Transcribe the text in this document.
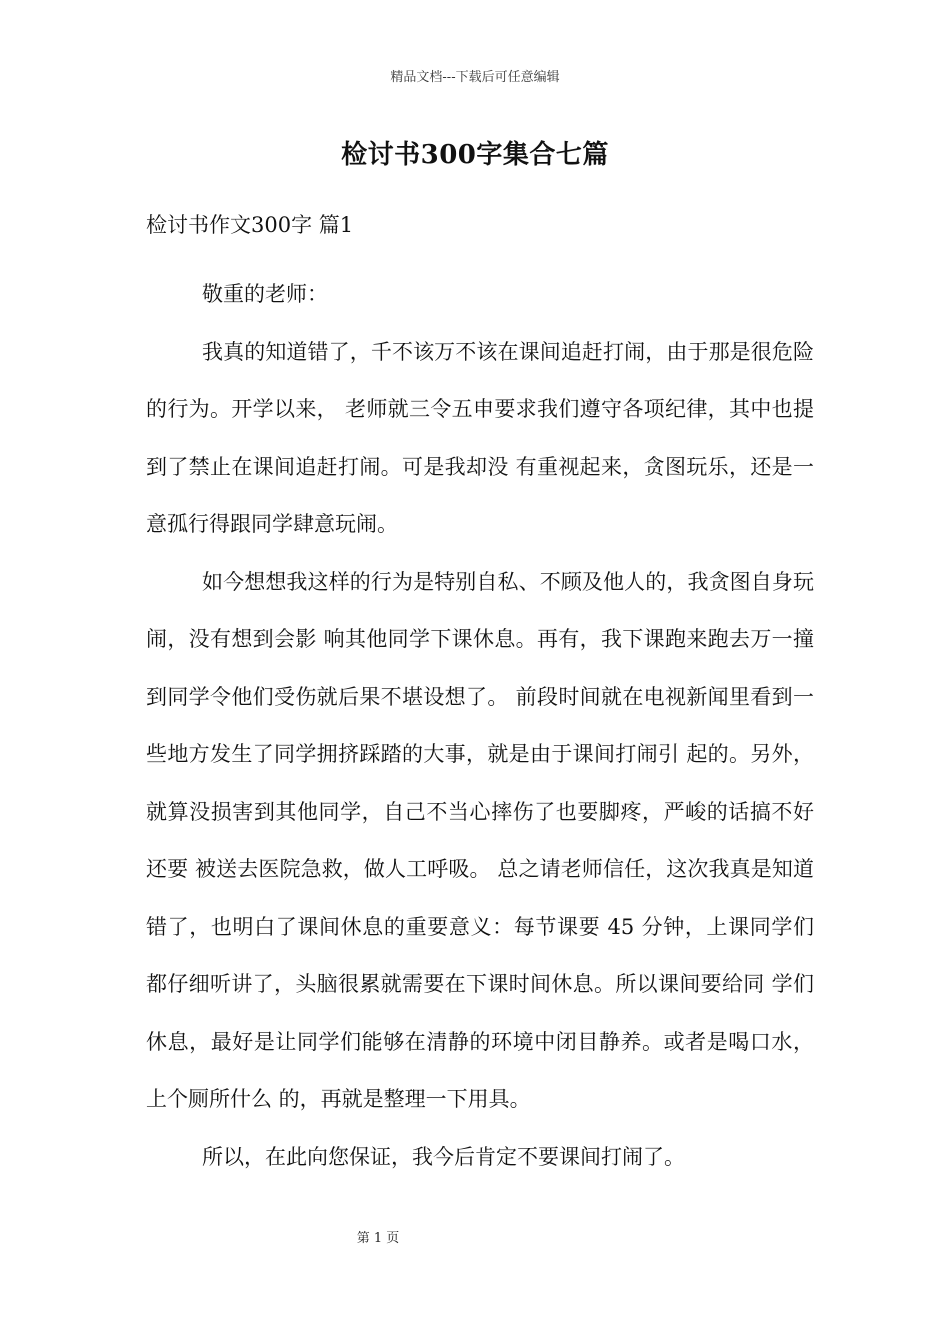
精品文档---下载后可任意编辑
检讨书300字集合七篇
检讨书作文300字 篇1

敬重的老师：

我真的知道错了，千不该万不该在课间追赶打闹，由于那是很危险的行为。开学以来， 老师就三令五申要求我们遵守各项纪律，其中也提到了禁止在课间追赶打闹。可是我却没 有重视起来，贪图玩乐，还是一意孤行得跟同学肆意玩闹。

如今想想我这样的行为是特别自私、不顾及他人的，我贪图自身玩闹，没有想到会影 响其他同学下课休息。再有，我下课跑来跑去万一撞到同学令他们受伤就后果不堪设想了。 前段时间就在电视新闻里看到一些地方发生了同学拥挤踩踏的大事，就是由于课间打闹引 起的。另外，就算没损害到其他同学，自己不当心摔伤了也要脚疼，严峻的话搞不好还要 被送去医院急救，做人工呼吸。 总之请老师信任，这次我真是知道错了，也明白了课间休息的重要意义：每节课要 45 分钟，上课同学们都仔细听讲了，头脑很累就需要在下课时间休息。所以课间要给同 学们休息，最好是让同学们能够在清静的环境中闭目静养。或者是喝口水，上个厕所什么 的，再就是整理一下用具。

所以，在此向您保证，我今后肯定不要课间打闹了。

第 1 页
